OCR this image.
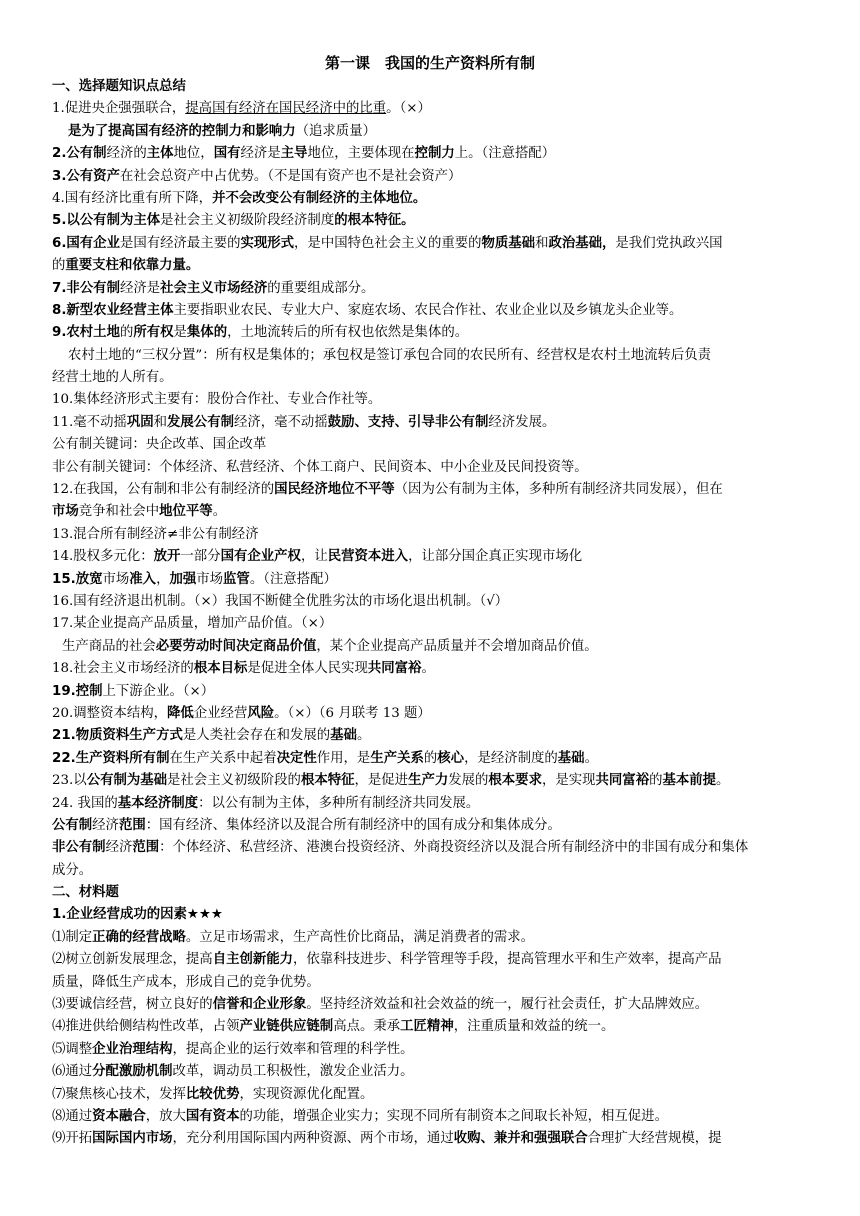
第一课　我国的生产资料所有制
一、选择题知识点总结
1.促进央企强强联合，提高国有经济在国民经济中的比重。（×）
是为了提高国有经济的控制力和影响力（追求质量）
2.公有制经济的主体地位，国有经济是主导地位，主要体现在控制力上。（注意搭配）
3.公有资产在社会总资产中占优势。（不是国有资产也不是社会资产）
4.国有经济比重有所下降，并不会改变公有制经济的主体地位。
5.以公有制为主体是社会主义初级阶段经济制度的根本特征。
6.国有企业是国有经济最主要的实现形式，是中国特色社会主义的重要的物质基础和政治基础，是我们党执政兴国
的重要支柱和依靠力量。
7.非公有制经济是社会主义市场经济的重要组成部分。
8.新型农业经营主体主要指职业农民、专业大户、家庭农场、农民合作社、农业企业以及乡镇龙头企业等。
9.农村土地的所有权是集体的，土地流转后的所有权也依然是集体的。
农村土地的“三权分置”：所有权是集体的；承包权是签订承包合同的农民所有、经营权是农村土地流转后负责
经营土地的人所有。
10.集体经济形式主要有：股份合作社、专业合作社等。
11.毫不动摇巩固和发展公有制经济，毫不动摇鼓励、支持、引导非公有制经济发展。
公有制关键词：央企改革、国企改革
非公有制关键词：个体经济、私营经济、个体工商户、民间资本、中小企业及民间投资等。
12.在我国，公有制和非公有制经济的国民经济地位不平等（因为公有制为主体，多种所有制经济共同发展），但在
市场竞争和社会中地位平等。
13.混合所有制经济≠非公有制经济
14.股权多元化：放开一部分国有企业产权，让民营资本进入，让部分国企真正实现市场化
15.放宽市场准入，加强市场监管。（注意搭配）
16.国有经济退出机制。（×）我国不断健全优胜劣汰的市场化退出机制。（√）
17.某企业提高产品质量，增加产品价值。（×）
生产商品的社会必要劳动时间决定商品价值，某个企业提高产品质量并不会增加商品价值。
18.社会主义市场经济的根本目标是促进全体人民实现共同富裕。
19.控制上下游企业。（×）
20.调整资本结构，降低企业经营风险。（×）（6 月联考 13 题）
21.物质资料生产方式是人类社会存在和发展的基础。
22.生产资料所有制在生产关系中起着决定性作用，是生产关系的核心，是经济制度的基础。
23.以公有制为基础是社会主义初级阶段的根本特征，是促进生产力发展的根本要求，是实现共同富裕的基本前提。
24. 我国的基本经济制度：以公有制为主体，多种所有制经济共同发展。
公有制经济范围：国有经济、集体经济以及混合所有制经济中的国有成分和集体成分。
非公有制经济范围：个体经济、私营经济、港澳台投资经济、外商投资经济以及混合所有制经济中的非国有成分和集体
成分。
二、材料题
1.企业经营成功的因素★★★
⑴制定正确的经营战略。立足市场需求，生产高性价比商品，满足消费者的需求。
⑵树立创新发展理念，提高自主创新能力，依靠科技进步、科学管理等手段，提高管理水平和生产效率，提高产品
质量，降低生产成本，形成自己的竞争优势。
⑶要诚信经营，树立良好的信誉和企业形象。坚持经济效益和社会效益的统一，履行社会责任，扩大品牌效应。
⑷推进供给侧结构性改革，占领产业链供应链制高点。秉承工匠精神，注重质量和效益的统一。
⑸调整企业治理结构，提高企业的运行效率和管理的科学性。
⑹通过分配激励机制改革，调动员工积极性，激发企业活力。
⑺聚焦核心技术，发挥比较优势，实现资源优化配置。
⑻通过资本融合，放大国有资本的功能，增强企业实力；实现不同所有制资本之间取长补短，相互促进。
⑼开拓国际国内市场，充分利用国际国内两种资源、两个市场，通过收购、兼并和强强联合合理扩大经营规模，提
